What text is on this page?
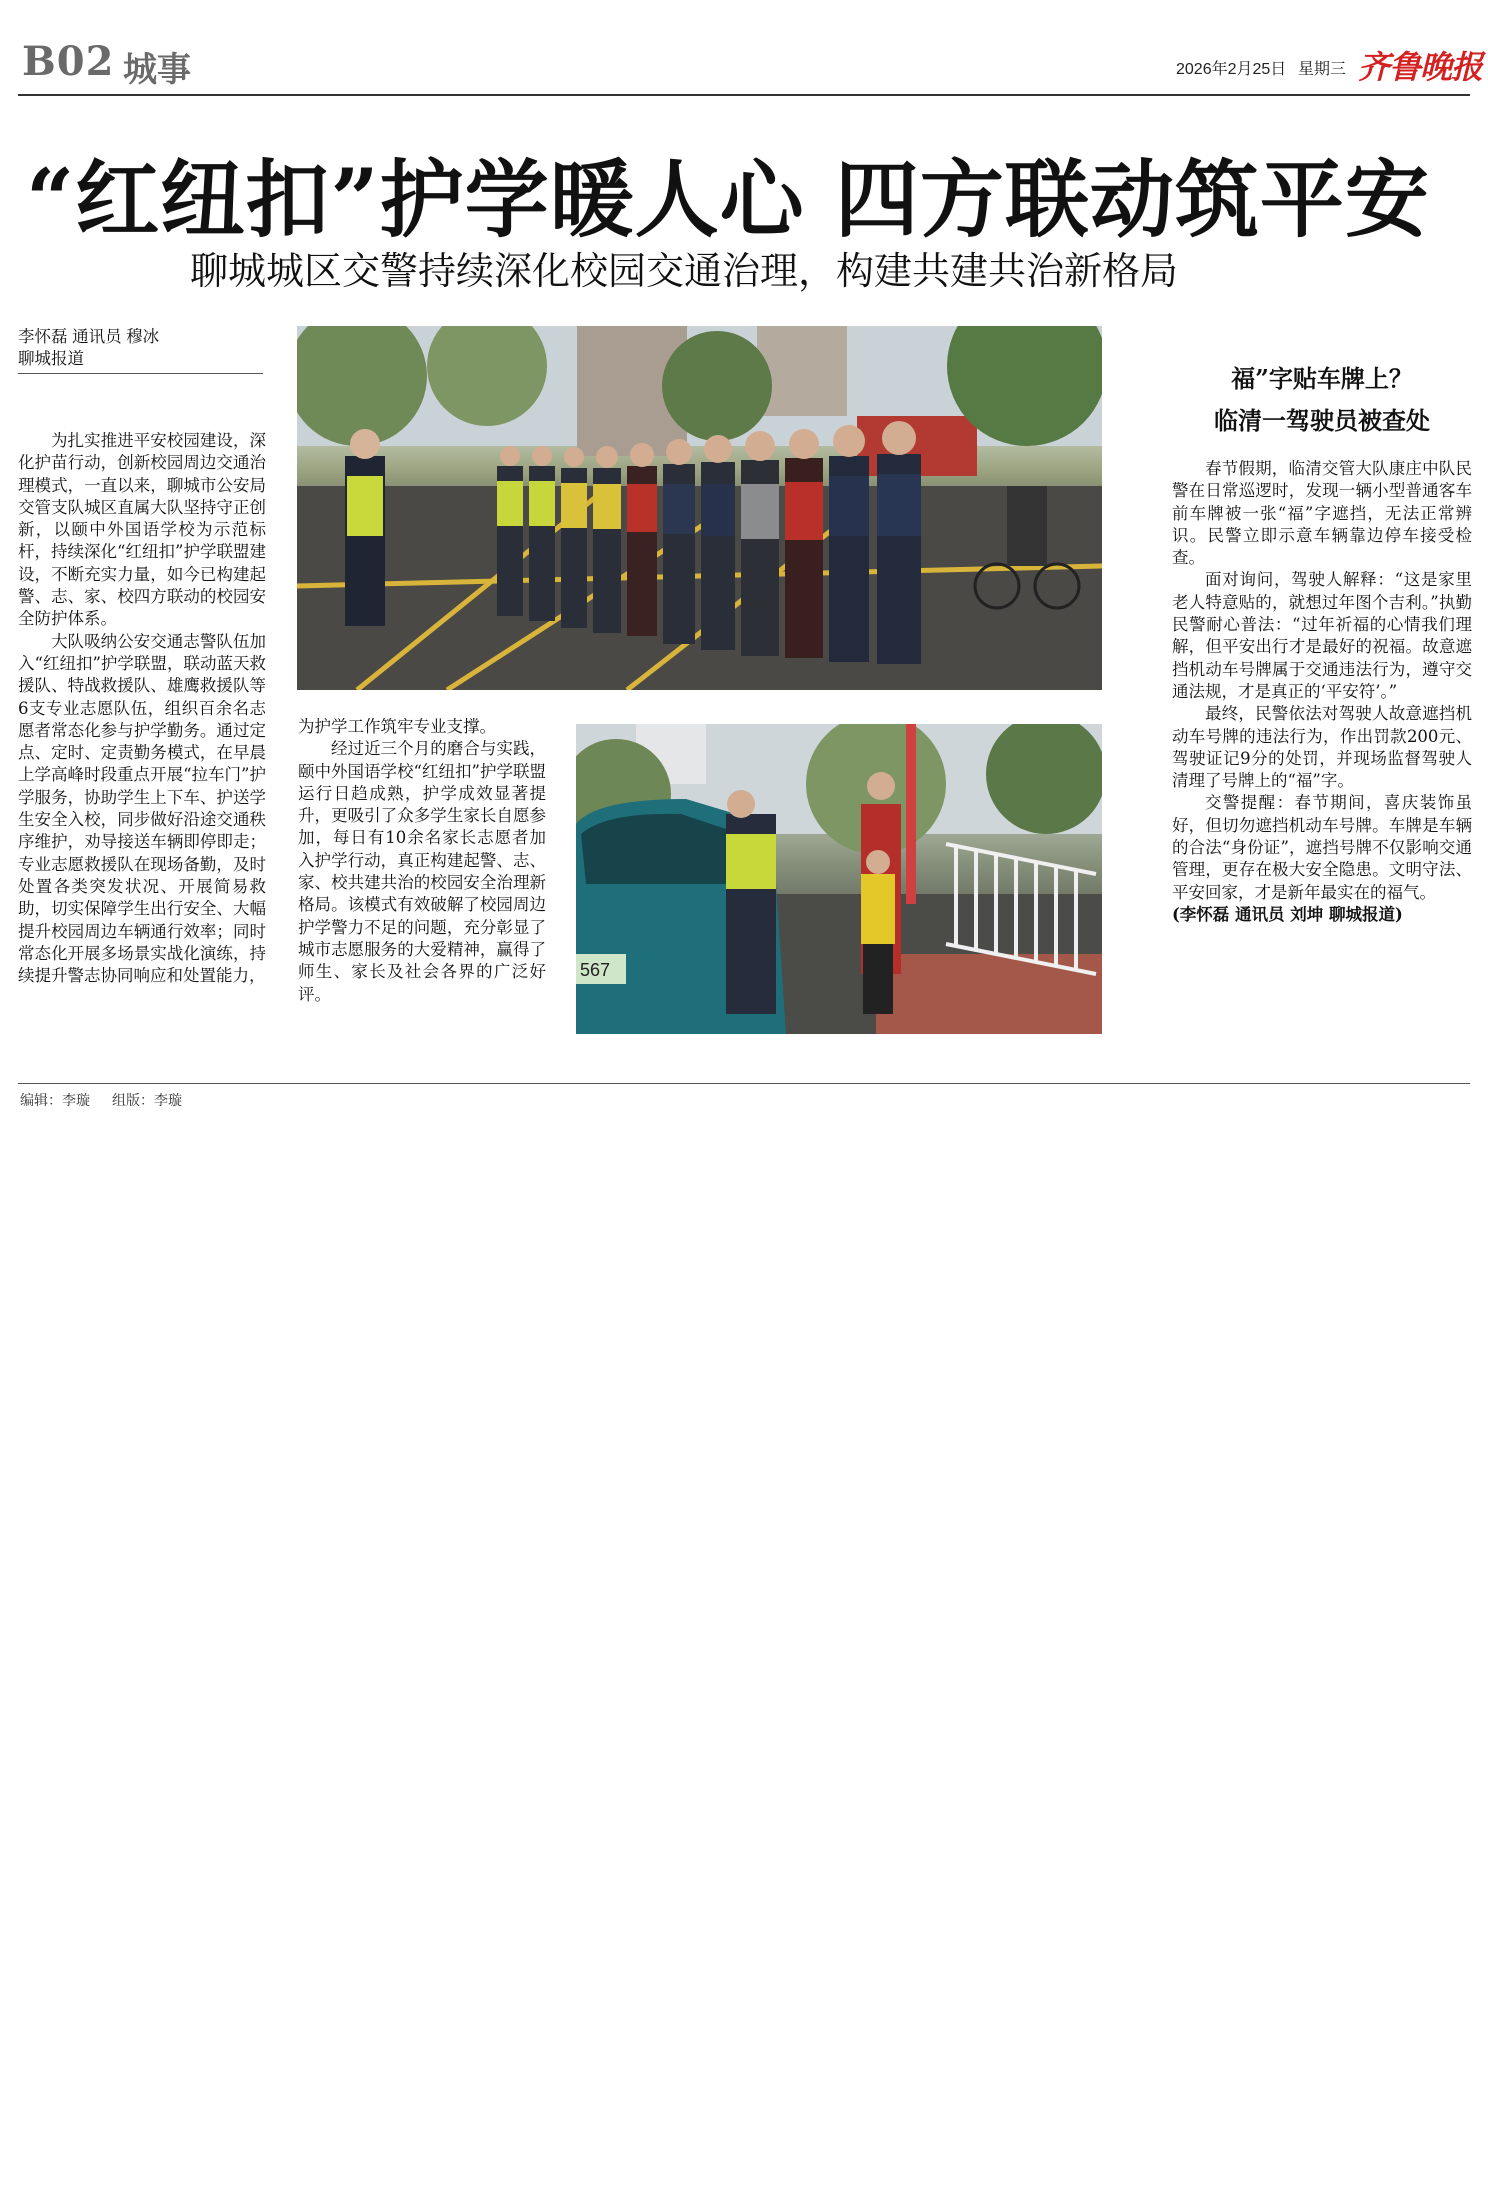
B02 城事	2026年2月25日 星期三 齐鲁晚报
“红纽扣”护学暖人心 四方联动筑平安
聊城城区交警持续深化校园交通治理，构建共建共治新格局
李怀磊 通讯员 穆冰
聊城报道

为扎实推进平安校园建设，深化护苗行动，创新校园周边交通治理模式，一直以来，聊城市公安局交管支队城区直属大队坚持守正创新，以颐中外国语学校为示范标杆，持续深化“红纽扣”护学联盟建设，不断充实力量，如今已构建起警、志、家、校四方联动的校园安全防护体系。

大队吸纳公安交通志警队伍加入“红纽扣”护学联盟，联动蓝天救援队、特战救援队、雄鹰救援队等6支专业志愿队伍，组织百余名志愿者常态化参与护学勤务。通过定点、定时、定责勤务模式，在早晨上学高峰时段重点开展“拉车门”护学服务，协助学生上下车、护送学生安全入校，同步做好沿途交通秩序维护，劝导接送车辆即停即走；专业志愿救援队在现场备勤，及时处置各类突发状况、开展简易救助，切实保障学生出行安全、大幅提升校园周边车辆通行效率；同时常态化开展多场景实战化演练，持续提升警志协同响应和处置能力，

为护学工作筑牢专业支撑。

经过近三个月的磨合与实践，颐中外国语学校“红纽扣”护学联盟运行日趋成熟，护学成效显著提升，更吸引了众多学生家长自愿参加，每日有10余名家长志愿者加入护学行动，真正构建起警、志、家、校共建共治的校园安全治理新格局。该模式有效破解了校园周边护学警力不足的问题，充分彰显了城市志愿服务的大爱精神，赢得了师生、家长及社会各界的广泛好评。

567
福”字贴车牌上？
临清一驾驶员被查处

春节假期，临清交管大队康庄中队民警在日常巡逻时，发现一辆小型普通客车前车牌被一张“福”字遮挡，无法正常辨识。民警立即示意车辆靠边停车接受检查。

面对询问，驾驶人解释：“这是家里老人特意贴的，就想过年图个吉利。”执勤民警耐心普法：“过年祈福的心情我们理解，但平安出行才是最好的祝福。故意遮挡机动车号牌属于交通违法行为，遵守交通法规，才是真正的‘平安符’。”

最终，民警依法对驾驶人故意遮挡机动车号牌的违法行为，作出罚款200元、驾驶证记9分的处罚，并现场监督驾驶人清理了号牌上的“福”字。

交警提醒：春节期间，喜庆装饰虽好，但切勿遮挡机动车号牌。车牌是车辆的合法“身份证”，遮挡号牌不仅影响交通管理，更存在极大安全隐患。文明守法、平安回家，才是新年最实在的福气。

(李怀磊 通讯员 刘坤 聊城报道)

编辑：李璇 组版：李璇
